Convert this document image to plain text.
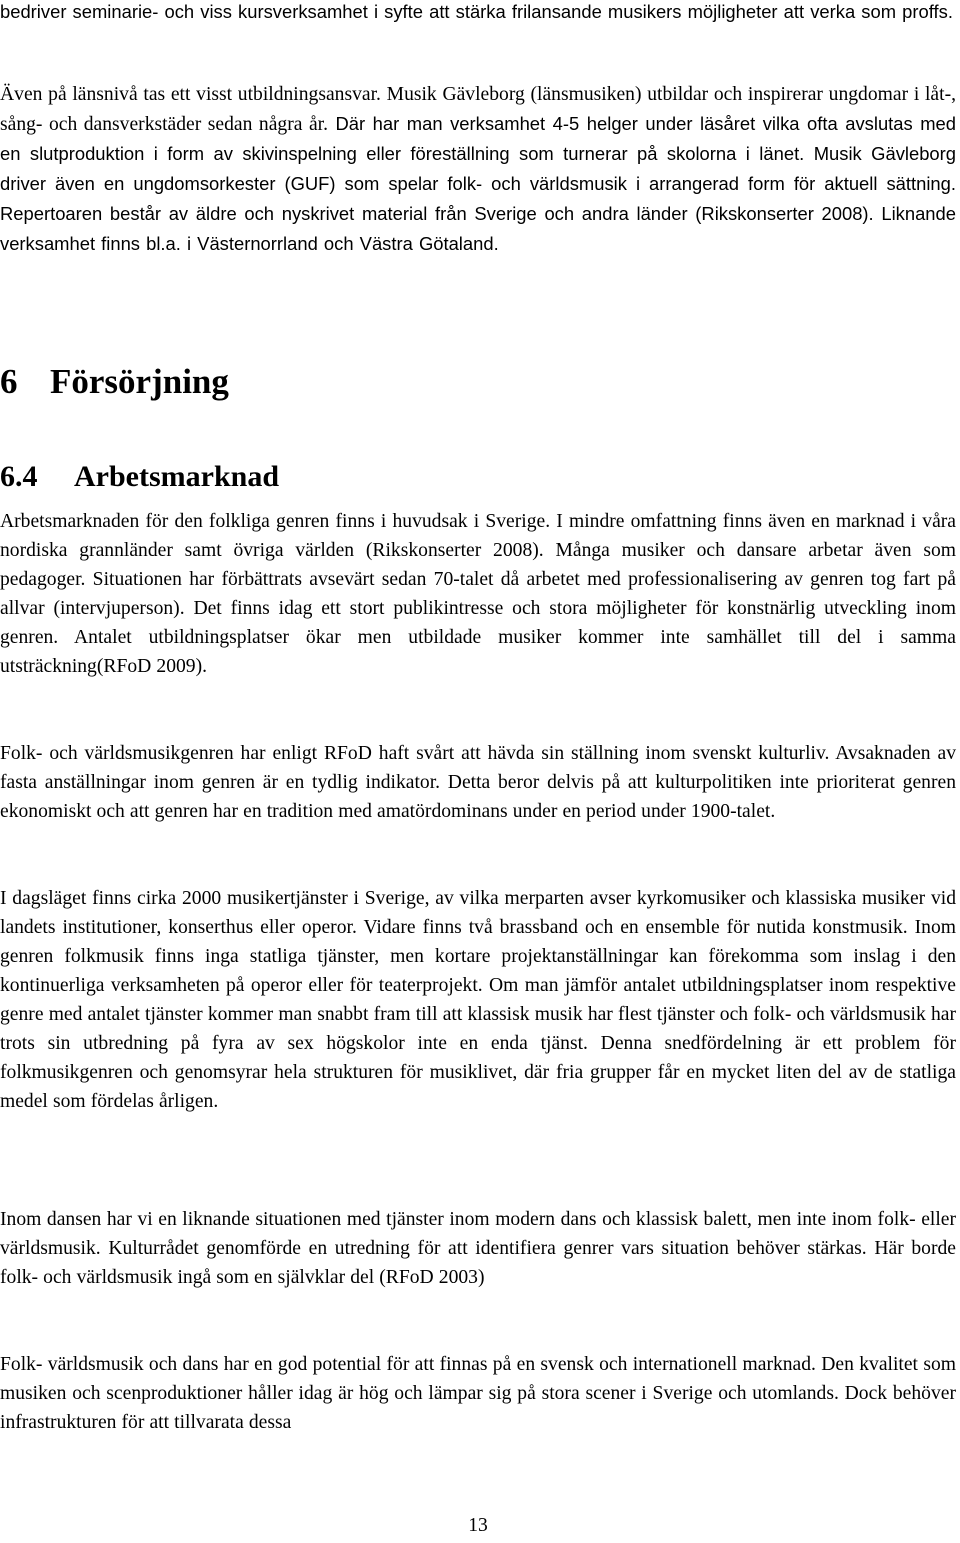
bedriver seminarie- och viss kursverksamhet i syfte att stärka frilansande musikers möjligheter att verka som proffs.

Även på länsnivå tas ett visst utbildningsansvar. Musik Gävleborg (länsmusiken) utbildar och inspirerar ungdomar i låt-, sång- och dansverkstäder sedan några år. Där har man verksamhet 4-5 helger under läsåret vilka ofta avslutas med en slutproduktion i form av skivinspelning eller föreställning som turnerar på skolorna i länet. Musik Gävleborg driver även en ungdomsorkester (GUF) som spelar folk- och världsmusik i arrangerad form för aktuell sättning. Repertoaren består av äldre och nyskrivet material från Sverige och andra länder (Rikskonserter 2008). Liknande verksamhet finns bl.a. i Västernorrland och Västra Götaland.

6 Försörjning
6.4 Arbetsmarknad

Arbetsmarknaden för den folkliga genren finns i huvudsak i Sverige. I mindre omfattning finns även en marknad i våra nordiska grannländer samt övriga världen (Rikskonserter 2008). Många musiker och dansare arbetar även som pedagoger. Situationen har förbättrats avsevärt sedan 70-talet då arbetet med professionalisering av genren tog fart på allvar (intervjuperson). Det finns idag ett stort publikintresse och stora möjligheter för konstnärlig utveckling inom genren. Antalet utbildningsplatser ökar men utbildade musiker kommer inte samhället till del i samma utsträckning(RFoD 2009).

Folk- och världsmusikgenren har enligt RFoD haft svårt att hävda sin ställning inom svenskt kulturliv. Avsaknaden av fasta anställningar inom genren är en tydlig indikator. Detta beror delvis på att kulturpolitiken inte prioriterat genren ekonomiskt och att genren har en tradition med amatördominans under en period under 1900-talet.

I dagsläget finns cirka 2000 musikertjänster i Sverige, av vilka merparten avser kyrkomusiker och klassiska musiker vid landets institutioner, konserthus eller operor. Vidare finns två brassband och en ensemble för nutida konstmusik. Inom genren folkmusik finns inga statliga tjänster, men kortare projektanställningar kan förekomma som inslag i den kontinuerliga verksamheten på operor eller för teaterprojekt. Om man jämför antalet utbildningsplatser inom respektive genre med antalet tjänster kommer man snabbt fram till att klassisk musik har flest tjänster och folk- och världsmusik har trots sin utbredning på fyra av sex högskolor inte en enda tjänst. Denna snedfördelning är ett problem för folkmusikgenren och genomsyrar hela strukturen för musiklivet, där fria grupper får en mycket liten del av de statliga medel som fördelas årligen.

Inom dansen har vi en liknande situationen med tjänster inom modern dans och klassisk balett, men inte inom folk- eller världsmusik. Kulturrådet genomförde en utredning för att identifiera genrer vars situation behöver stärkas. Här borde folk- och världsmusik ingå som en självklar del (RFoD 2003)

Folk- världsmusik och dans har en god potential för att finnas på en svensk och internationell marknad. Den kvalitet som musiken och scenproduktioner håller idag är hög och lämpar sig på stora scener i Sverige och utomlands. Dock behöver infrastrukturen för att tillvarata dessa

13
